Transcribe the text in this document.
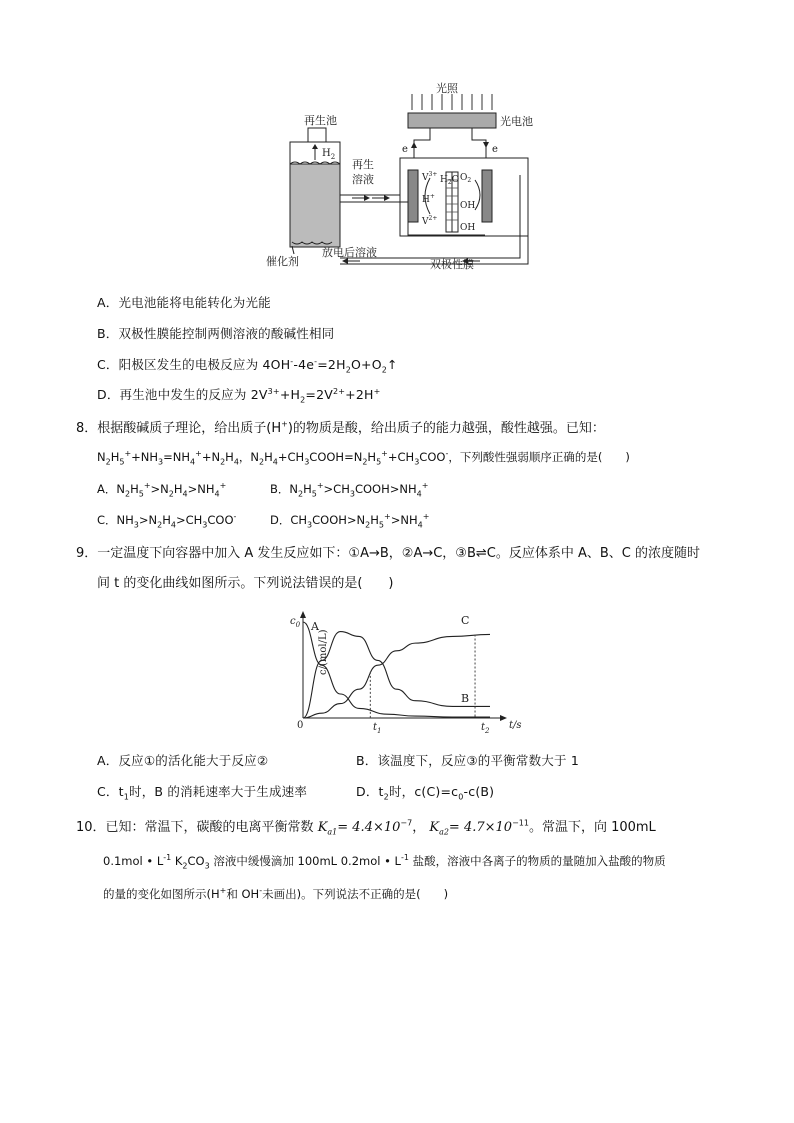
光照
光电池
再生池
$H_2$
催化剂
再生
溶液
放电后溶液
e	e
$H_2O$
$V^{3+}$
H+
$V^{2+}$
$O_2$
OH
OH
双极性膜
A．光电池能将电能转化为光能
B．双极性膜能控制两侧溶液的酸碱性相同
C．阳极区发生的电极反应为 $4OH^--4e^-=2H_2O+O_2↑$
D．再生池中发生的反应为 $2V^{3+}+H_2=2V^{2+}+2H^+$
8．根据酸碱质子理论，给出质子(H+)的物质是酸，给出质子的能力越强，酸性越强。已知：
$N_2H_5^++NH_3=NH_4^++N_2H_4$，$N_2H_4+CH_3COOH=N_2H_5^++CH_3COO^-$，下列酸性强弱顺序正确的是(　　)
A．$N_2H_5^+>N_2H_4>NH_4^+$	B．$N_2H_5^+>CH_3COOH>NH_4^+$
C．$NH_3>N_2H_4>CH_3COO^-$	D．$CH_3COOH>N_2H_5^+>NH_4^+$
9．一定温度下向容器中加入 A 发生反应如下：①A→B，②A→C，③B⇌C。反应体系中 A、B、C 的浓度随时
间 t 的变化曲线如图所示。下列说法错误的是(　　)
$c_0$
c/(mol/L)
0	$t_1$	$t_2$ t/s
A
B
C
A．反应①的活化能大于反应②	B．该温度下，反应③的平衡常数大于 1
C．$t_1$时，B 的消耗速率大于生成速率	D．$t_2$时，$c(C)=c_0-c(B)$
10．已知：常温下，碳酸的电离平衡常数 $K_{a1}= 4.4\times 10^{-7}$， $K_{a2}= 4.7\times 10^{-11}$。常温下，向 100mL
0.1mol • $L^{-1}$ $K_2CO_3$ 溶液中缓慢滴加 100mL 0.2mol • $L^{-1}$ 盐酸，溶液中各离子的物质的量随加入盐酸的物质
的量的变化如图所示(H+和 OH-未画出)。下列说法不正确的是(　　)
